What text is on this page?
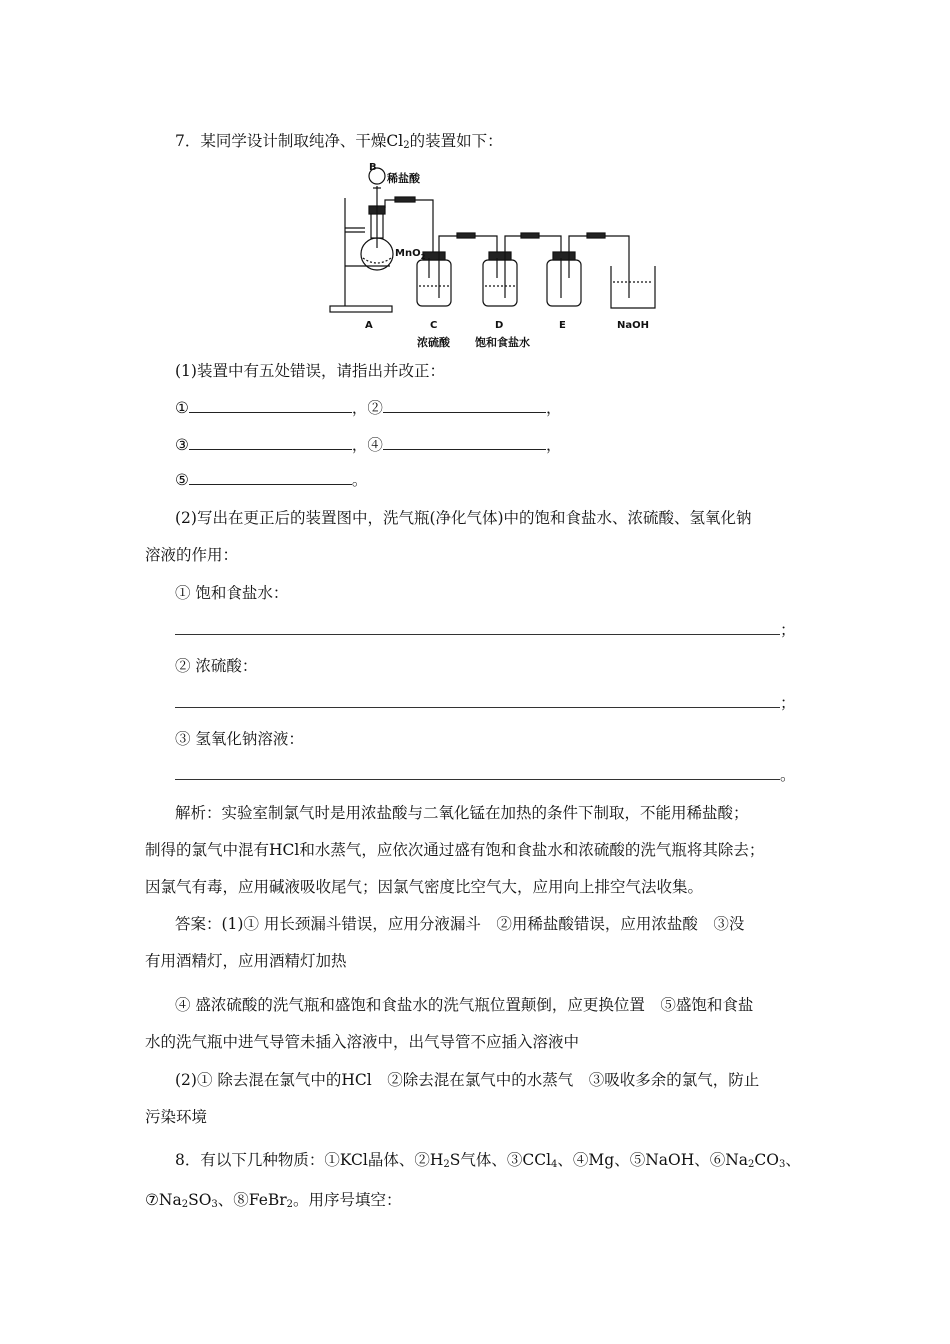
7．某同学设计制取纯净、干燥$Cl_2$的装置如下：
B
稀盐酸
MnO$_2$
A	C	D	E	NaOH
浓硫酸 饱和食盐水
(1)装置中有五处错误，请指出并改正：
①	，②	，
③	，④	，
⑤	。
(2)写出在更正后的装置图中，洗气瓶(净化气体)中的饱和食盐水、浓硫酸、氢氧化钠
溶液的作用：
① 饱和食盐水：
；
② 浓硫酸：
；
③ 氢氧化钠溶液：
。
解析：实验室制氯气时是用浓盐酸与二氧化锰在加热的条件下制取，不能用稀盐酸；
制得的氯气中混有HCl和水蒸气，应依次通过盛有饱和食盐水和浓硫酸的洗气瓶将其除去；
因氯气有毒，应用碱液吸收尾气；因氯气密度比空气大，应用向上排空气法收集。
答案：(1)① 用长颈漏斗错误，应用分液漏斗　②用稀盐酸错误，应用浓盐酸　③没
有用酒精灯，应用酒精灯加热
④ 盛浓硫酸的洗气瓶和盛饱和食盐水的洗气瓶位置颠倒，应更换位置　⑤盛饱和食盐
水的洗气瓶中进气导管未插入溶液中，出气导管不应插入溶液中
(2)① 除去混在氯气中的HCl　②除去混在氯气中的水蒸气　③吸收多余的氯气，防止
污染环境
8．有以下几种物质：①KCl晶体、$②H_2S$气体、③CCl$_4$、④Mg、⑤NaOH、$⑥Na_2CO_3$、
$⑦Na_2SO_3$、⑧FeBr$_2$。用序号填空：
